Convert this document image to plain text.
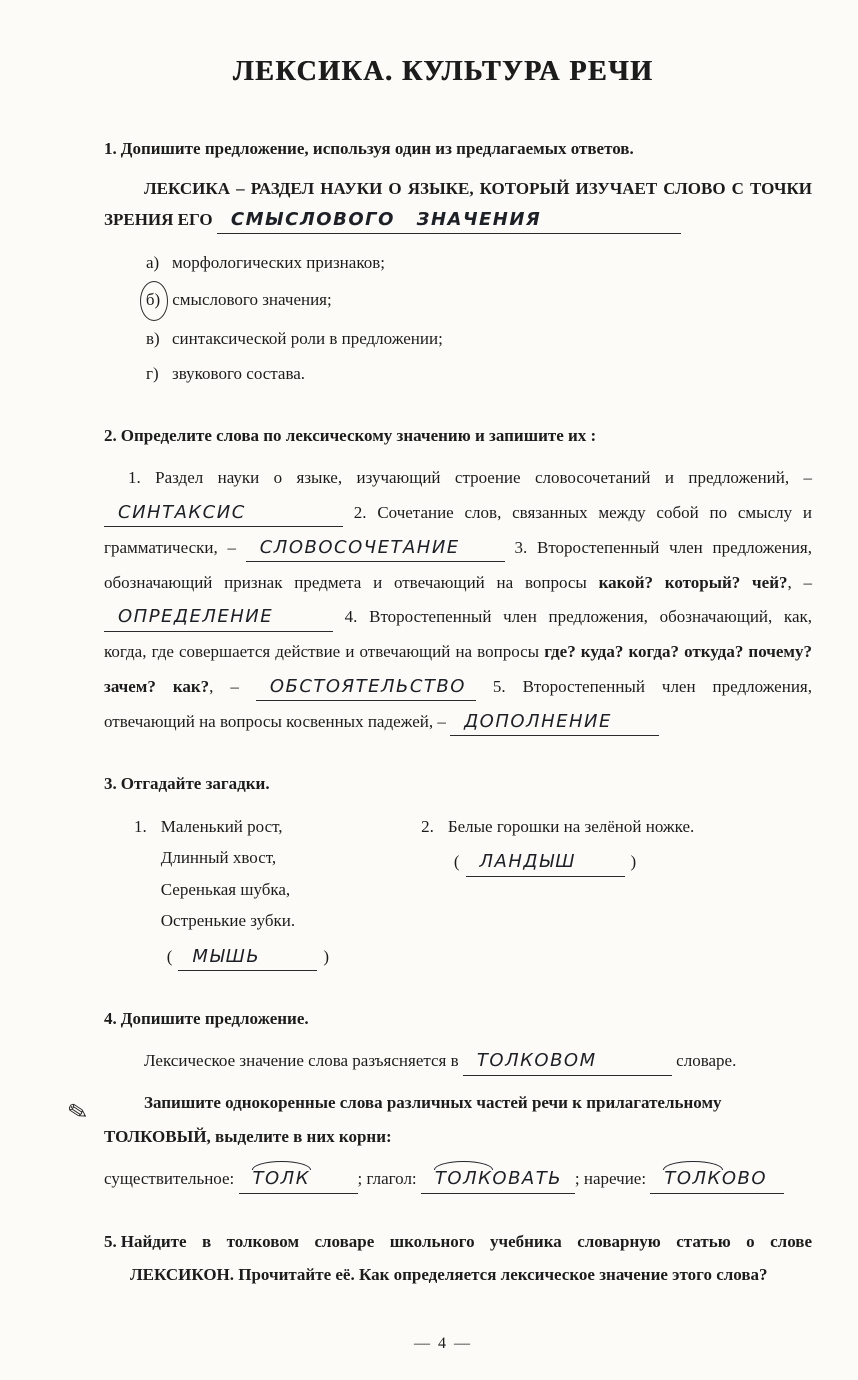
ЛЕКСИКА. КУЛЬТУРА РЕЧИ

1. Допишите предложение, используя один из предлагаемых ответов.

ЛЕКСИКА – РАЗДЕЛ НАУКИ О ЯЗЫКЕ, КОТОРЫЙ ИЗУЧАЕТ СЛОВО С ТОЧКИ ЗРЕНИЯ ЕГО СМЫСЛОВОГО ЗНАЧЕНИЯ

а) морфологических признаков;
б) смыслового значения;
в) синтаксической роли в предложении;
г) звукового состава.

2. Определите слова по лексическому значению и запишите их :

1. Раздел науки о языке, изучающий строение словосочетаний и предложений, – СИНТАКСИС	2. Сочетание слов, связанных между собой по смыслу и грамматически, – СЛОВОСОЧЕТАНИЕ	3. Второстепенный член предложения, обозначающий признак предмета и отвечающий на вопросы какой? который? чей?, – ОПРЕДЕЛЕНИЕ	4. Второстепенный член предложения, обозначающий, как, когда, где совершается действие и отвечающий на вопросы где? куда? когда? откуда? почему? зачем? как?, – ОБСТОЯТЕЛЬСТВО 5. Второстепенный член предложения, отвечающий на вопросы косвенных падежей, – ДОПОЛНЕНИЕ

3. Отгадайте загадки.

1. Маленький рост,
Длинный хвост,
Серенькая шубка,
Остренькие зубки.
( МЫШЬ	)
2. Белые горошки на зелёной ножке.
( ЛАНДЫШ	)
✎

4. Допишите предложение.

Лексическое значение слова разъясняется в ТОЛКОВОМ	словаре.

Запишите однокоренные слова различных частей речи к прилагательному ТОЛКОВЫЙ, выделите в них корни:

существительное: ТОЛК	; глагол: ТОЛКОВАТЬ ; наречие: ТОЛКОВО

5. Найдите в толковом словаре школьного учебника словарную статью о слове ЛЕКСИКОН. Прочитайте её. Как определяется лексическое значение этого слова?

— 4 —
